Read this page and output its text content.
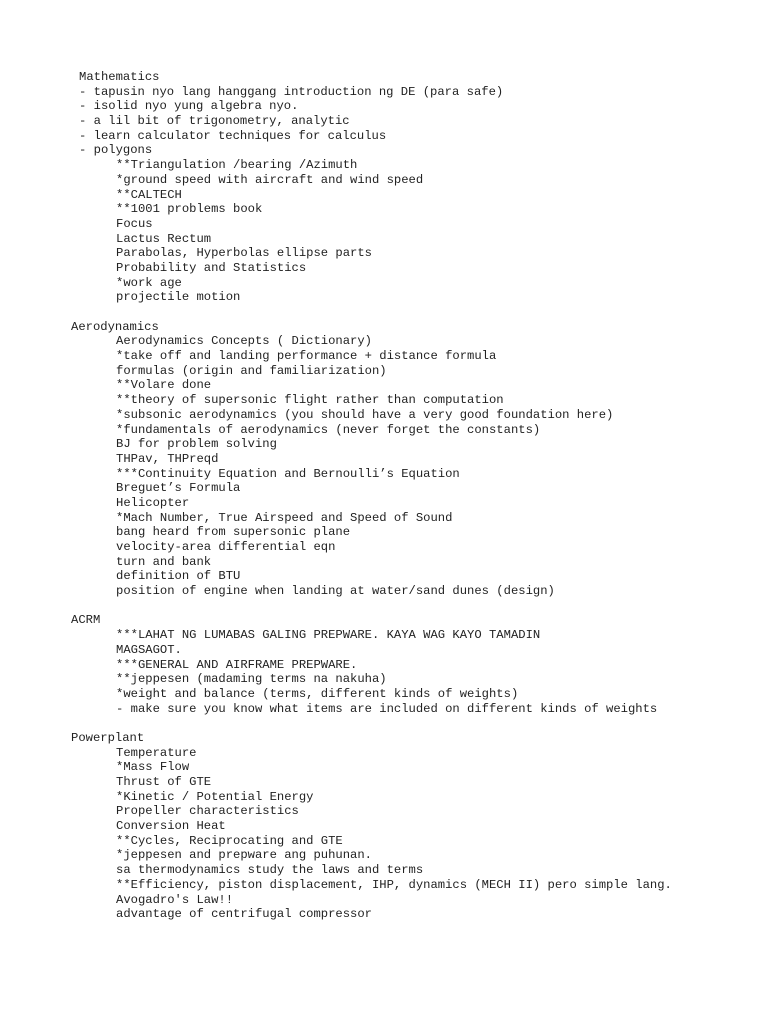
Mathematics
- tapusin nyo lang hanggang introduction ng DE (para safe)
- isolid nyo yung algebra nyo.
- a lil bit of trigonometry, analytic
- learn calculator techniques for calculus
- polygons
**Triangulation /bearing /Azimuth
*ground speed with aircraft and wind speed
**CALTECH
**1001 problems book
Focus
Lactus Rectum
Parabolas, Hyperbolas ellipse parts
Probability and Statistics
*work age
projectile motion
Aerodynamics
Aerodynamics Concepts ( Dictionary)
*take off and landing performance + distance formula
formulas (origin and familiarization)
**Volare done
**theory of supersonic flight rather than computation
*subsonic aerodynamics (you should have a very good foundation here)
*fundamentals of aerodynamics (never forget the constants)
BJ for problem solving
THPav, THPreqd
***Continuity Equation and Bernoulli’s Equation
Breguet’s Formula
Helicopter
*Mach Number, True Airspeed and Speed of Sound
bang heard from supersonic plane
velocity-area differential eqn
turn and bank
definition of BTU
position of engine when landing at water/sand dunes (design)
ACRM
***LAHAT NG LUMABAS GALING PREPWARE. KAYA WAG KAYO TAMADIN
MAGSAGOT.
***GENERAL AND AIRFRAME PREPWARE.
**jeppesen (madaming terms na nakuha)
*weight and balance (terms, different kinds of weights)
- make sure you know what items are included on different kinds of weights
Powerplant
Temperature
*Mass Flow
Thrust of GTE
*Kinetic / Potential Energy
Propeller characteristics
Conversion Heat
**Cycles, Reciprocating and GTE
*jeppesen and prepware ang puhunan.
sa thermodynamics study the laws and terms
**Efficiency, piston displacement, IHP, dynamics (MECH II) pero simple lang.
Avogadro's Law!!
advantage of centrifugal compressor
